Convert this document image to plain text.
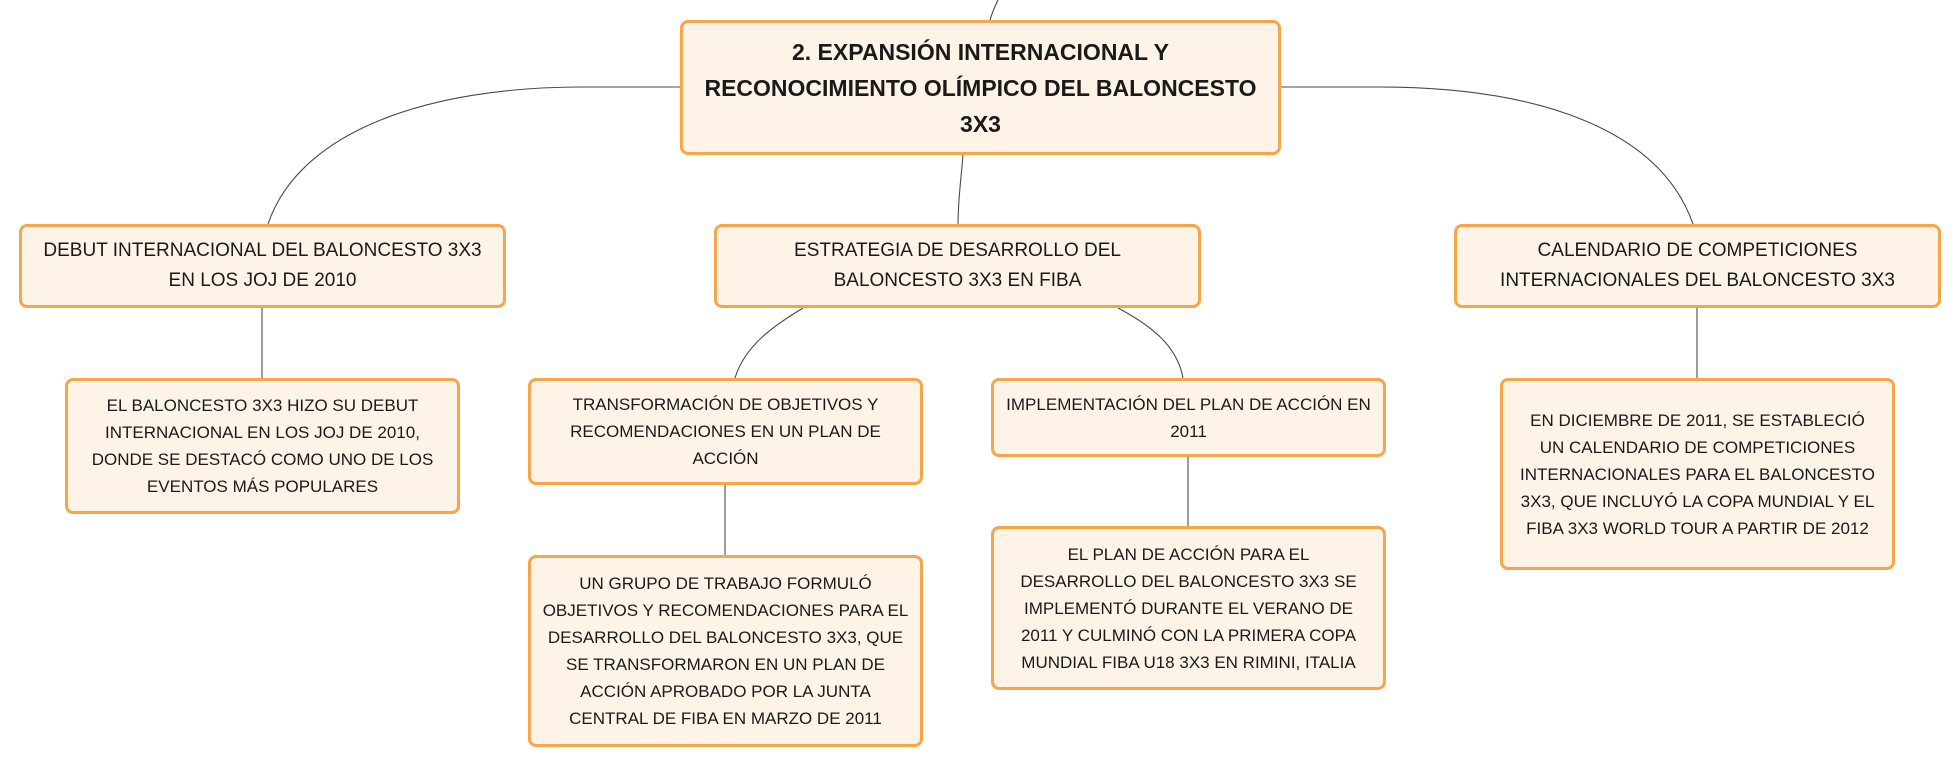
2. EXPANSIÓN INTERNACIONAL Y RECONOCIMIENTO OLÍMPICO DEL BALONCESTO 3X3
DEBUT INTERNACIONAL DEL BALONCESTO 3X3 EN LOS JOJ DE 2010
ESTRATEGIA DE DESARROLLO DEL BALONCESTO 3X3 EN FIBA
CALENDARIO DE COMPETICIONES INTERNACIONALES DEL BALONCESTO 3X3
EL BALONCESTO 3X3 HIZO SU DEBUT INTERNACIONAL EN LOS JOJ DE 2010, DONDE SE DESTACÓ COMO UNO DE LOS EVENTOS MÁS POPULARES
TRANSFORMACIÓN DE OBJETIVOS Y RECOMENDACIONES EN UN PLAN DE ACCIÓN
IMPLEMENTACIÓN DEL PLAN DE ACCIÓN EN 2011
EN DICIEMBRE DE 2011, SE ESTABLECIÓ UN CALENDARIO DE COMPETICIONES INTERNACIONALES PARA EL BALONCESTO 3X3, QUE INCLUYÓ LA COPA MUNDIAL Y EL FIBA 3X3 WORLD TOUR A PARTIR DE 2012
UN GRUPO DE TRABAJO FORMULÓ OBJETIVOS Y RECOMENDACIONES PARA EL DESARROLLO DEL BALONCESTO 3X3, QUE SE TRANSFORMARON EN UN PLAN DE ACCIÓN APROBADO POR LA JUNTA CENTRAL DE FIBA EN MARZO DE 2011
EL PLAN DE ACCIÓN PARA EL DESARROLLO DEL BALONCESTO 3X3 SE IMPLEMENTÓ DURANTE EL VERANO DE 2011 Y CULMINÓ CON LA PRIMERA COPA MUNDIAL FIBA U18 3X3 EN RIMINI, ITALIA
